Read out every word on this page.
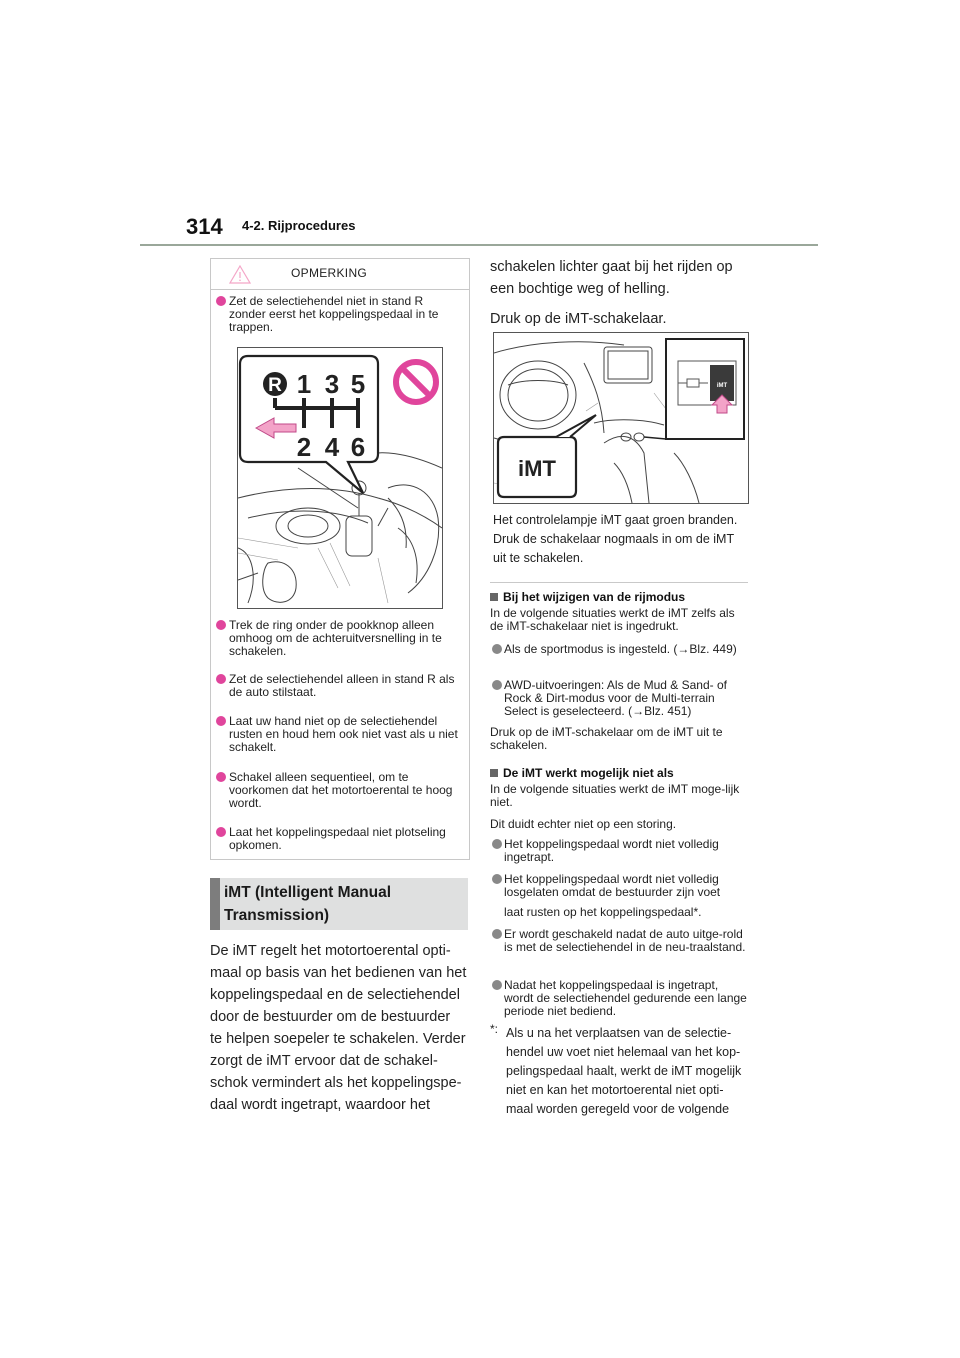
314 4-2. Rijprocedures
OPMERKING
Zet de selectiehendel niet in stand R zonder eerst het koppelingspedaal in te trappen.
R 1 3 5
2 4 6
Trek de ring onder de pookknop alleen omhoog om de achteruitversnelling in te schakelen.
Zet de selectiehendel alleen in stand R als de auto stilstaat.
Laat uw hand niet op de selectiehendel rusten en houd hem ook niet vast als u niet schakelt.
Schakel alleen sequentieel, om te voorkomen dat het motortoerental te hoog wordt.
Laat het koppelingspedaal niet plotseling opkomen.
iMT (Intelligent Manual
Transmission)
De iMT regelt het motortoerental opti-
maal op basis van het bedienen van het
koppelingspedaal en de selectiehendel
door de bestuurder om de bestuurder
te helpen soepeler te schakelen. Verder
zorgt de iMT ervoor dat de schakel-
schok vermindert als het koppelingspe-
daal wordt ingetrapt, waardoor het
schakelen lichter gaat bij het rijden op
een bochtige weg of helling.
Druk op de iMT-schakelaar.
iMT
iMT
Het controlelampje iMT gaat groen branden.
Druk de schakelaar nogmaals in om de iMT
uit te schakelen.
Bij het wijzigen van de rijmodus
In de volgende situaties werkt de iMT zelfs als de iMT-schakelaar niet is ingedrukt.
Als de sportmodus is ingesteld. (→Blz. 449)
AWD-uitvoeringen: Als de Mud & Sand- of Rock & Dirt-modus voor de Multi-terrain Select is geselecteerd. (→Blz. 451)
Druk op de iMT-schakelaar om de iMT uit te schakelen.
De iMT werkt mogelijk niet als
In de volgende situaties werkt de iMT moge-lijk niet.
Dit duidt echter niet op een storing.
Het koppelingspedaal wordt niet volledig ingetrapt.
Het koppelingspedaal wordt niet volledig losgelaten omdat de bestuurder zijn voet
laat rusten op het koppelingspedaal*.
Er wordt geschakeld nadat de auto uitge-rold is met de selectiehendel in de neu-traalstand.
Nadat het koppelingspedaal is ingetrapt, wordt de selectiehendel gedurende een lange periode niet bediend.
*: Als u na het verplaatsen van de selectie-
hendel uw voet niet helemaal van het kop-
pelingspedaal haalt, werkt de iMT mogelijk
niet en kan het motortoerental niet opti-
maal worden geregeld voor de volgende
